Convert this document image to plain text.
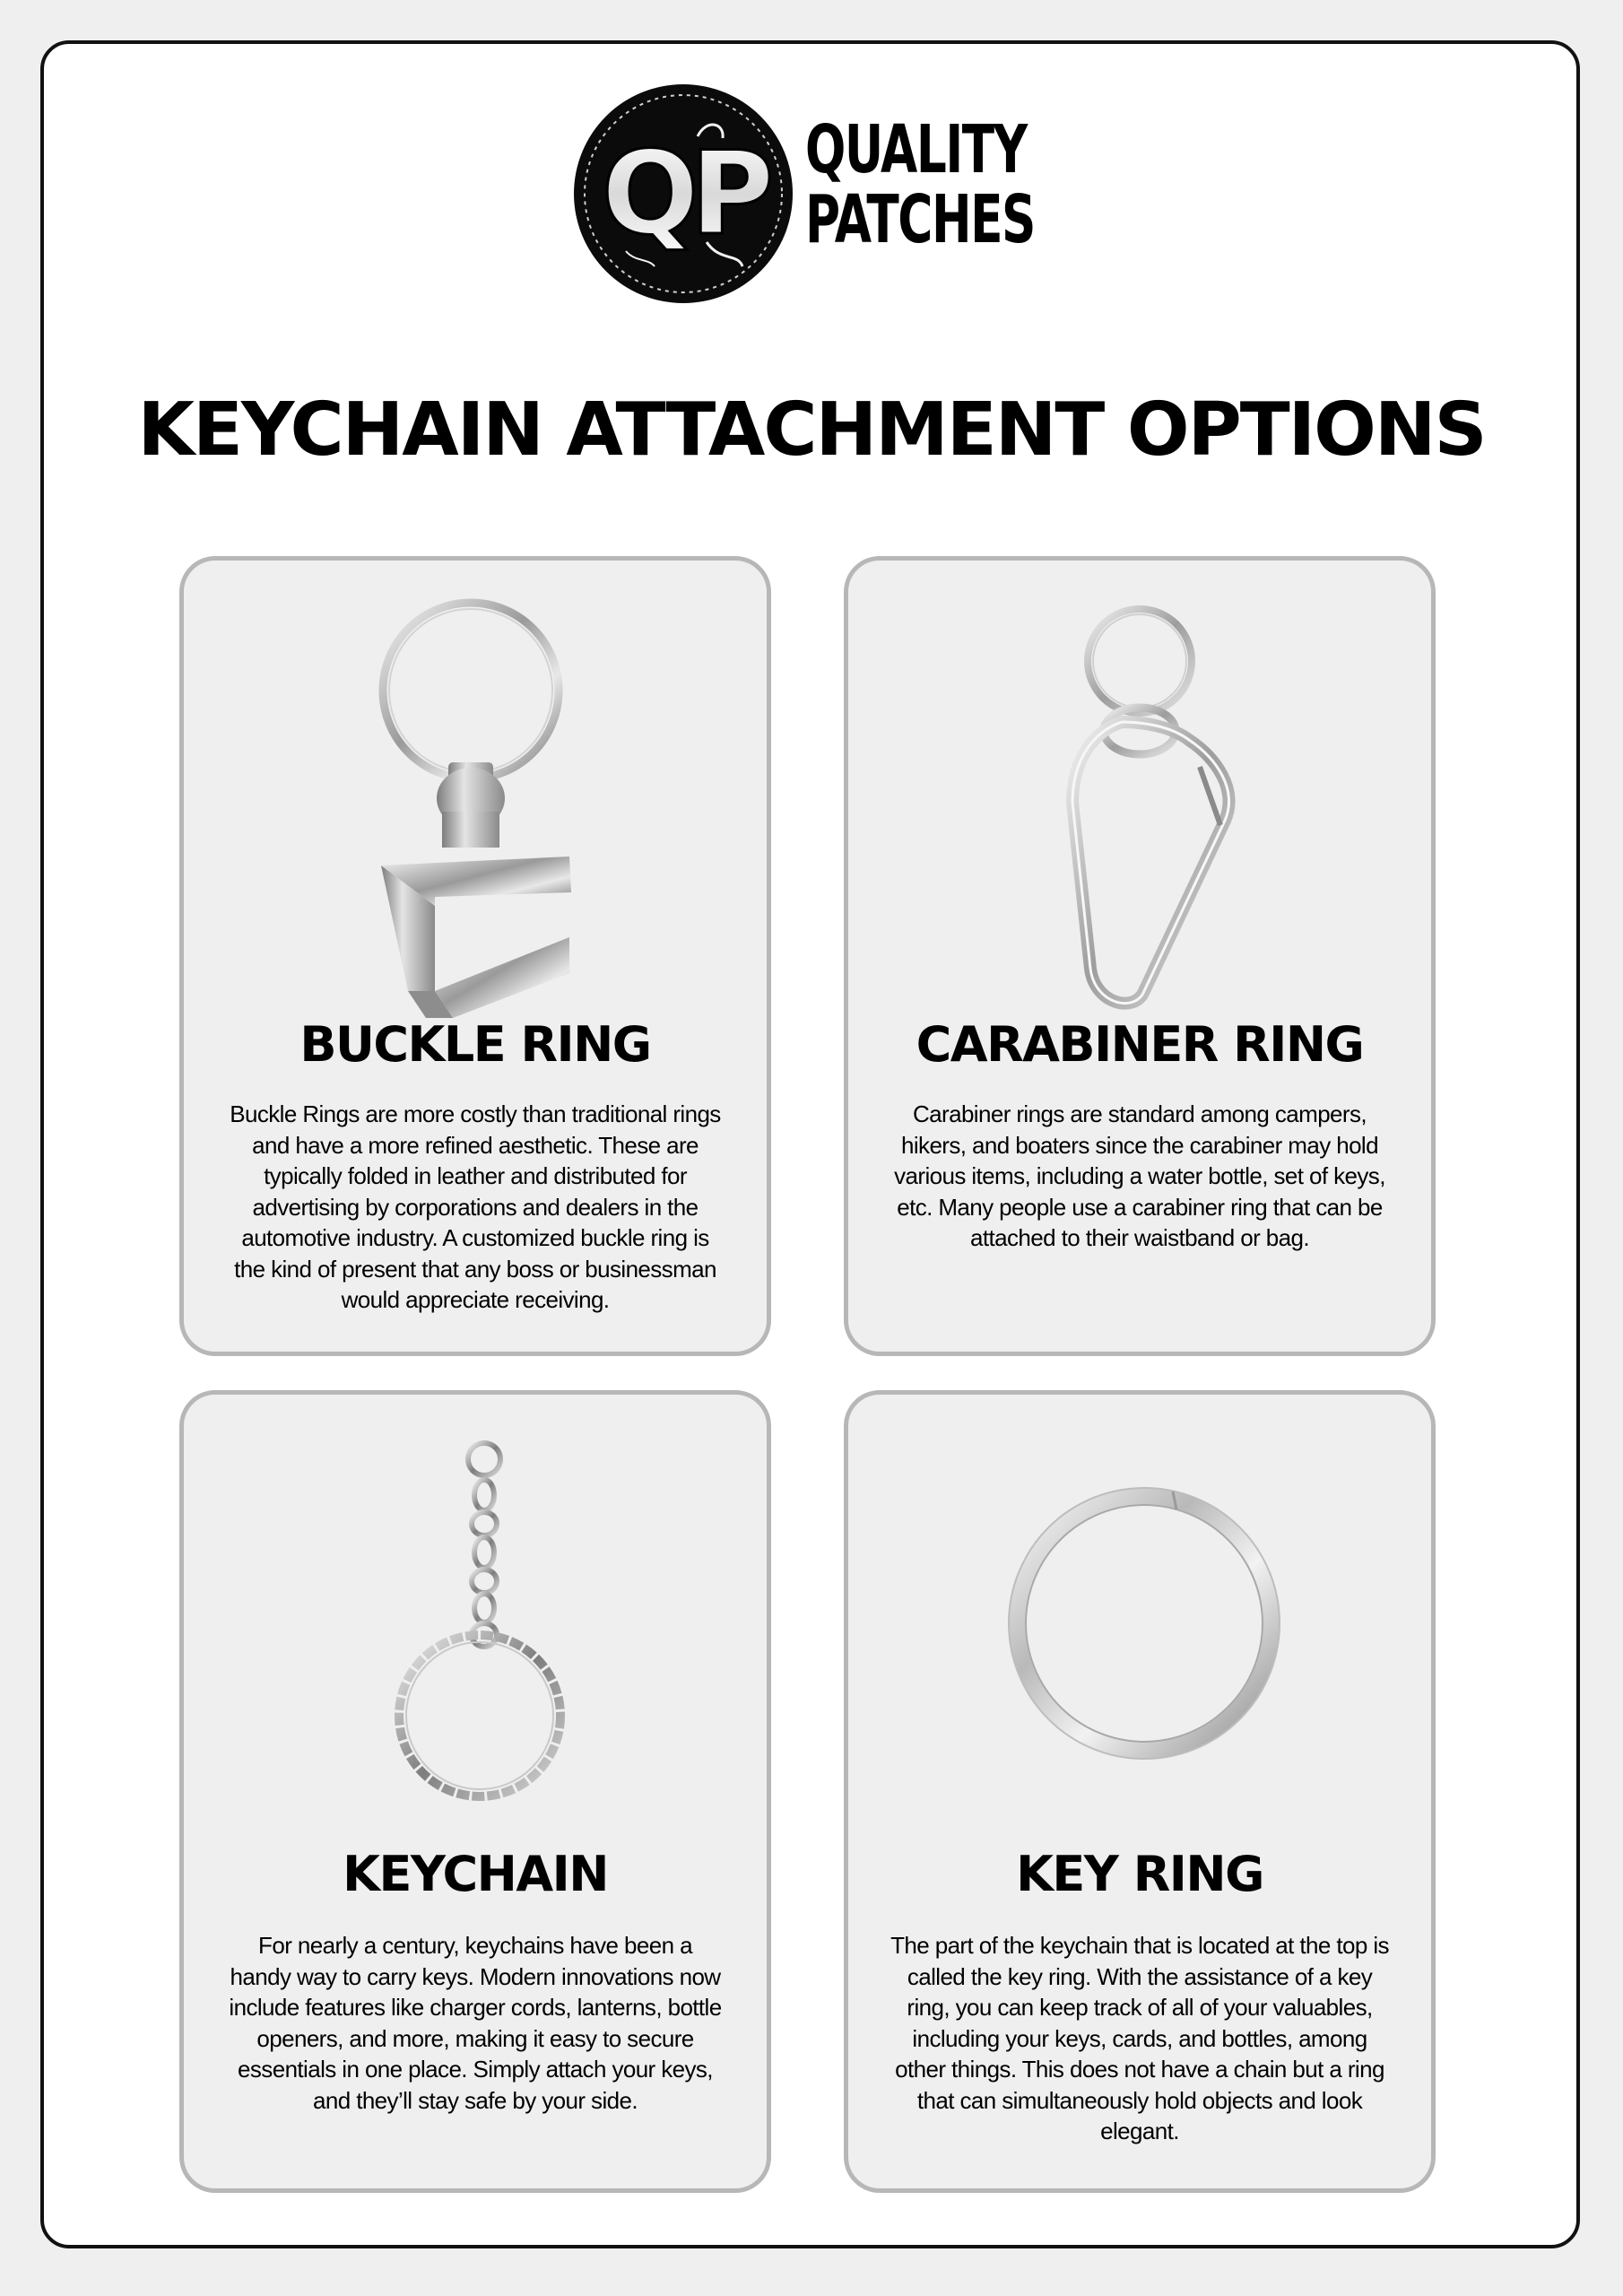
QP QUALITY
PATCHES
KEYCHAIN ATTACHMENT OPTIONS
BUCKLE RING

Buckle Rings are more costly than traditional rings and have a more refined aesthetic. These are typically folded in leather and distributed for advertising by corporations and dealers in the automotive industry. A customized buckle ring is the kind of present that any boss or businessman would appreciate receiving.

CARABINER RING

Carabiner rings are standard among campers, hikers, and boaters since the carabiner may hold various items, including a water bottle, set of keys, etc. Many people use a carabiner ring that can be attached to their waistband or bag.

KEYCHAIN

For nearly a century, keychains have been a handy way to carry keys. Modern innovations now include features like charger cords, lanterns, bottle openers, and more, making it easy to secure essentials in one place. Simply attach your keys, and they’ll stay safe by your side.

KEY RING

The part of the keychain that is located at the top is called the key ring. With the assistance of a key ring, you can keep track of all of your valuables, including your keys, cards, and bottles, among other things. This does not have a chain but a ring that can simultaneously hold objects and look elegant.
